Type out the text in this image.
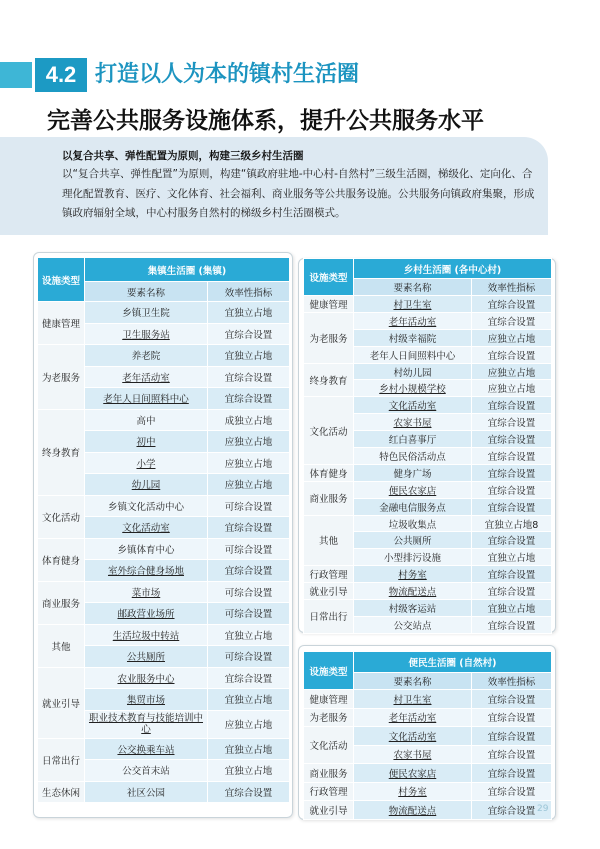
4.2 打造以人为本的镇村生活圈
完善公共服务设施体系，提升公共服务水平
以复合共享、弹性配置为原则，构建三级乡村生活圈
以“复合共享、弹性配置”为原则，构建“镇政府驻地-中心村-自然村”三级生活圈，梯级化、定向化、合理化配置教育、医疗、文化体育、社会福利、商业服务等公共服务设施。公共服务向镇政府集聚，形成镇政府辐射全域，中心村服务自然村的梯级乡村生活圈模式。
设施类型	集镇生活圈 (集镇)	
	要素名称	效率性指标
健康管理	乡镇卫生院	宜独立占地
	卫生服务站	宜综合设置
为老服务	养老院	宜独立占地
	老年活动室	宜综合设置
	老年人日间照料中心	宜综合设置
终身教育	高中	成独立占地
	初中	应独立占地
	小学	应独立占地
	幼儿园	应独立占地
文化活动	乡镇文化活动中心	可综合设置
	文化活动室	宜综合设置
体育健身	乡镇体育中心	可综合设置
	室外综合健身场地	宜综合设置
商业服务	菜市场	可综合设置
	邮政营业场所	可综合设置
其他	生活垃圾中转站	宜独立占地
	公共厕所	可综合设置
就业引导	农业服务中心	宜综合设置
	集贸市场	宜独立占地
	职业技术教育与技能培训中心	应独立占地
日常出行	公交换乘车站	宜独立占地
	公交首末站	宜独立占地
生态休闲	社区公园	宜综合设置
设施类型	乡村生活圈 (各中心村)	
	要素名称	效率性指标
健康管理	村卫生室	宜综合设置
为老服务	老年活动室	宜综合设置
	村级幸福院	应独立占地
	老年人日间照料中心	宜综合设置
终身教育	村幼儿园	应独立占地
	乡村小规模学校	应独立占地
文化活动	文化活动室	宜综合设置
	农家书屋	宜综合设置
	红白喜事厅	宜综合设置
	特色民俗活动点	宜综合设置
体育健身	健身广场	宜综合设置
商业服务	便民农家店	宜综合设置
	金融电信服务点	宜综合设置
其他	垃圾收集点	宜独立占地8
	公共厕所	宜综合设置
	小型排污设施	宜独立占地
行政管理	村务室	宜综合设置
就业引导	物流配送点	宜综合设置
日常出行	村级客运站	宜独立占地
	公交站点	宜综合设置
设施类型	便民生活圈 (自然村)	
	要素名称	效率性指标
健康管理	村卫生室	宜综合设置
为老服务	老年活动室	宜综合设置
文化活动	文化活动室	宜综合设置
	农家书屋	宜综合设置
商业服务	便民农家店	宜综合设置
行政管理	村务室	宜综合设置
就业引导	物流配送点	宜综合设置 29
